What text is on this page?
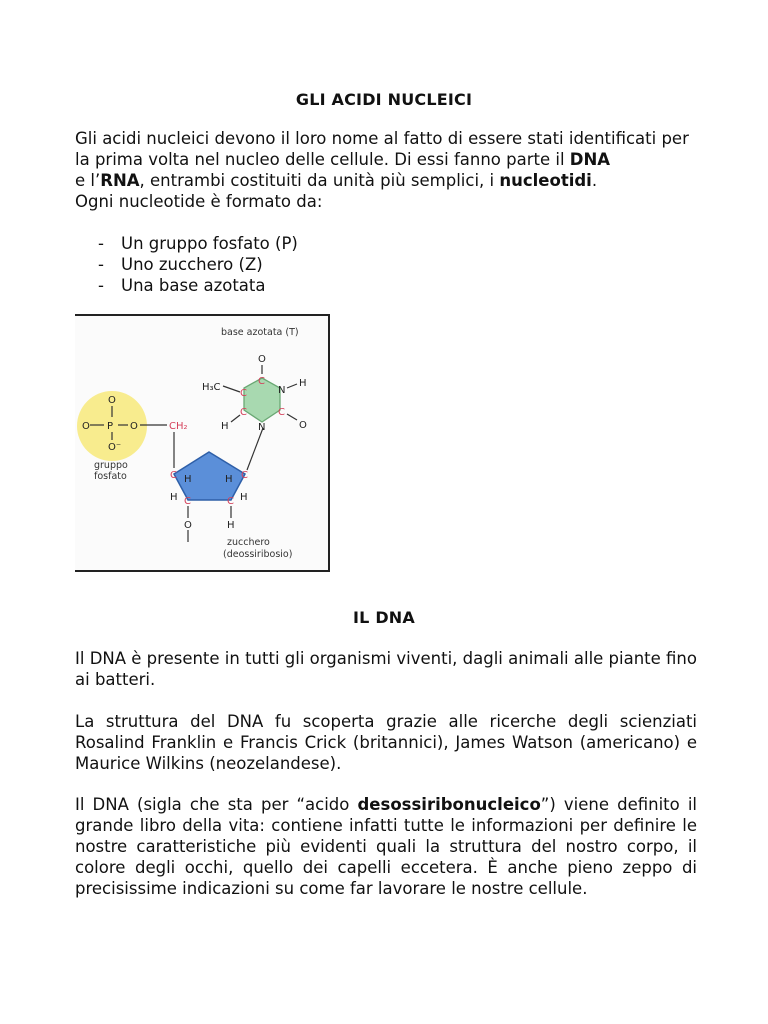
GLI ACIDI NUCLEICI
Gli acidi nucleici devono il loro nome al fatto di essere stati identificati per la prima volta nel nucleo delle cellule. Di essi fanno parte il DNA
e l’RNA, entrambi costituiti da unità più semplici, i nucleotidi.
Ogni nucleotide è formato da:
- Un gruppo fosfato (P)
- Uno zucchero (Z)
- Una base azotata
O
O P O
O⁻
CH₂
gruppo
fosfato	C	C
C	C
H	H
H	H
O	H
zucchero
(deossiribosio)
base azotata (T)
O
C
H₃C
C	N
H
C
H
C
O
N
IL DNA
Il DNA è presente in tutti gli organismi viventi, dagli animali alle piante fino ai batteri.
La struttura del DNA fu scoperta grazie alle ricerche degli scienziati Rosalind Franklin e Francis Crick (britannici), James Watson (americano) e Maurice Wilkins (neozelandese).
Il DNA (sigla che sta per “acido desossiribonucleico”) viene definito il grande libro della vita: contiene infatti tutte le informazioni per definire le nostre caratteristiche più evidenti quali la struttura del nostro corpo, il colore degli occhi, quello dei capelli eccetera. È anche pieno zeppo di precisissime indicazioni su come far lavorare le nostre cellule.
